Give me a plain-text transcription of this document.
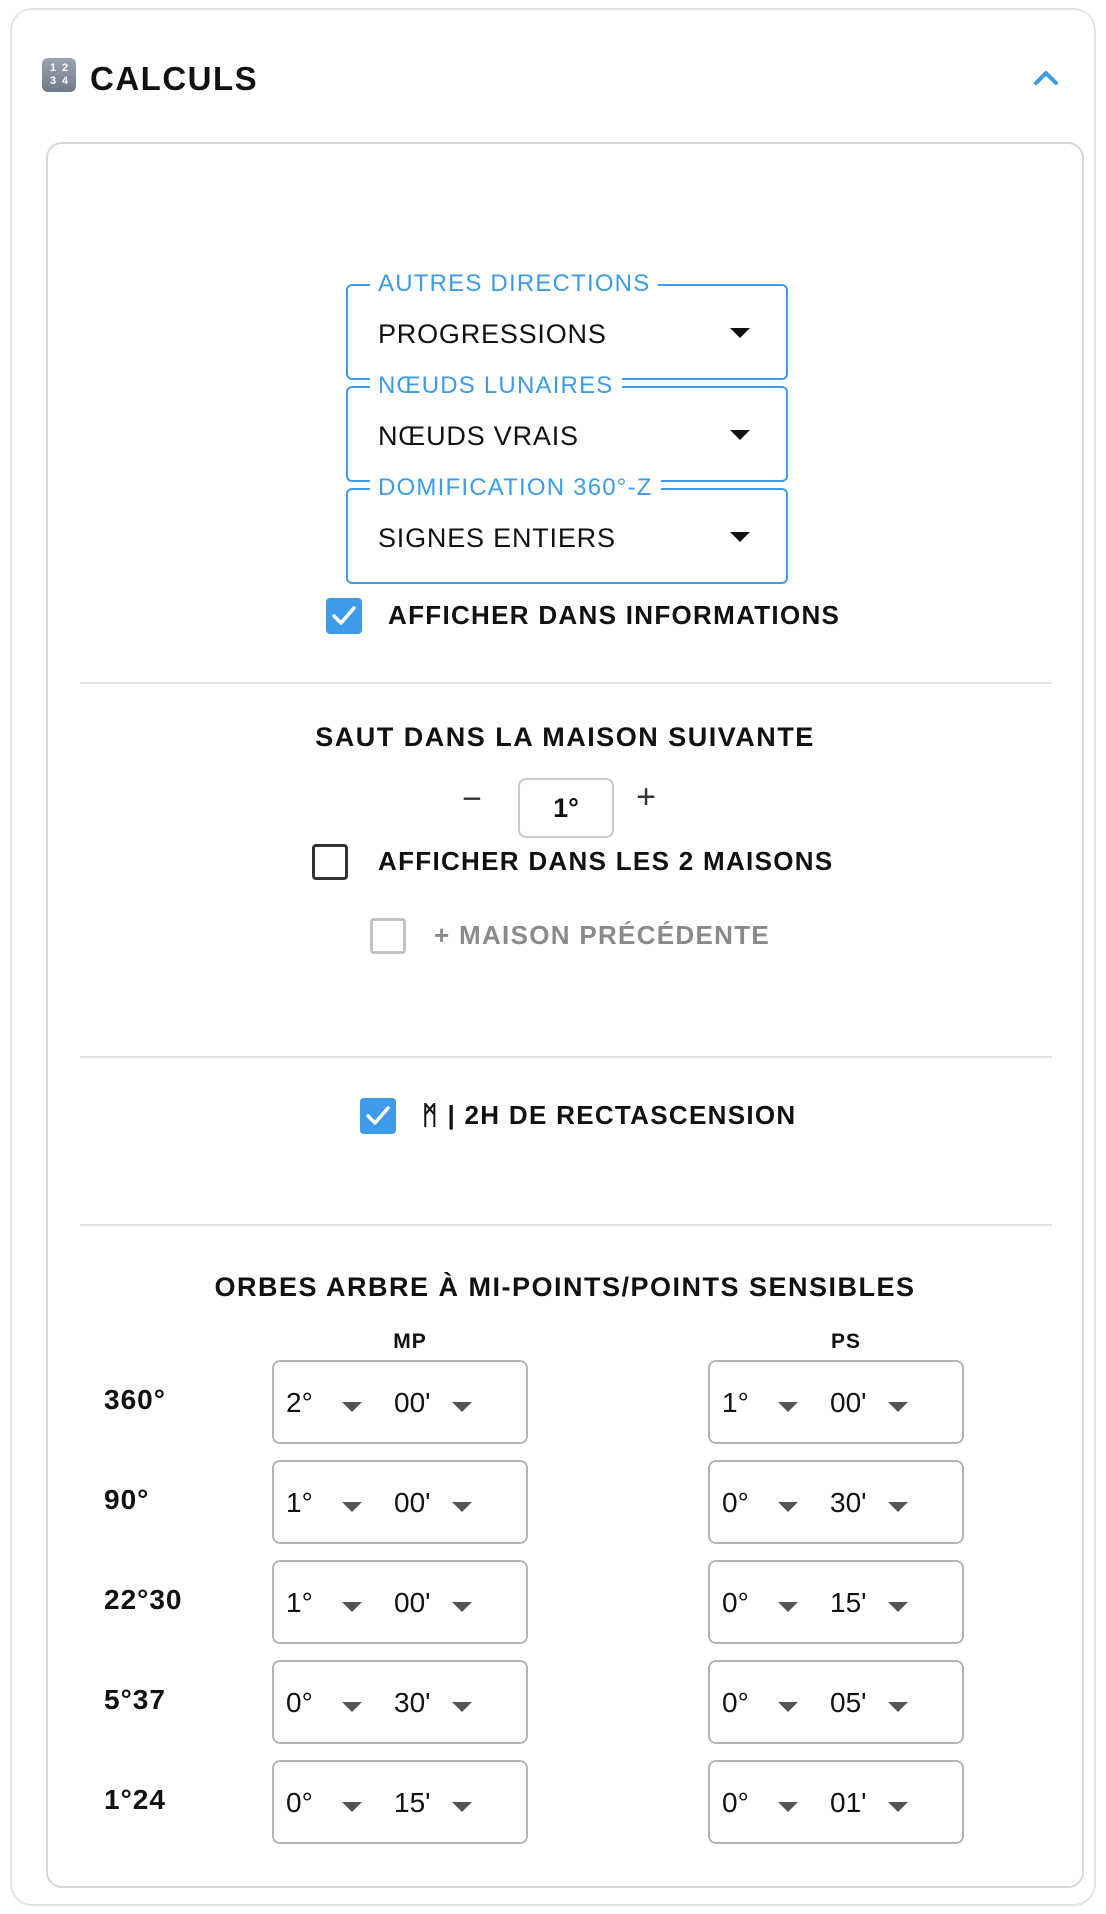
1 2
3 4 CALCULS
AUTRES DIRECTIONS
PROGRESSIONS
NŒUDS LUNAIRES
NŒUDS VRAIS
DOMIFICATION 360°-Z
SIGNES ENTIERS
AFFICHER DANS INFORMATIONS
SAUT DANS LA MAISON SUIVANTE
−	1°	+
AFFICHER DANS LES 2 MAISONS
+ MAISON PRÉCÉDENTE
ᛗ | 2H DE RECTASCENSION
ORBES ARBRE À MI-POINTS/POINTS SENSIBLES
MP	PS
360°	2°	00'	1°	00'
90°	1°	00'	0°	30'
22°30	1°	00'	0°	15'
5°37	0°	30'	0°	05'
1°24	0°	15'	0°	01'
